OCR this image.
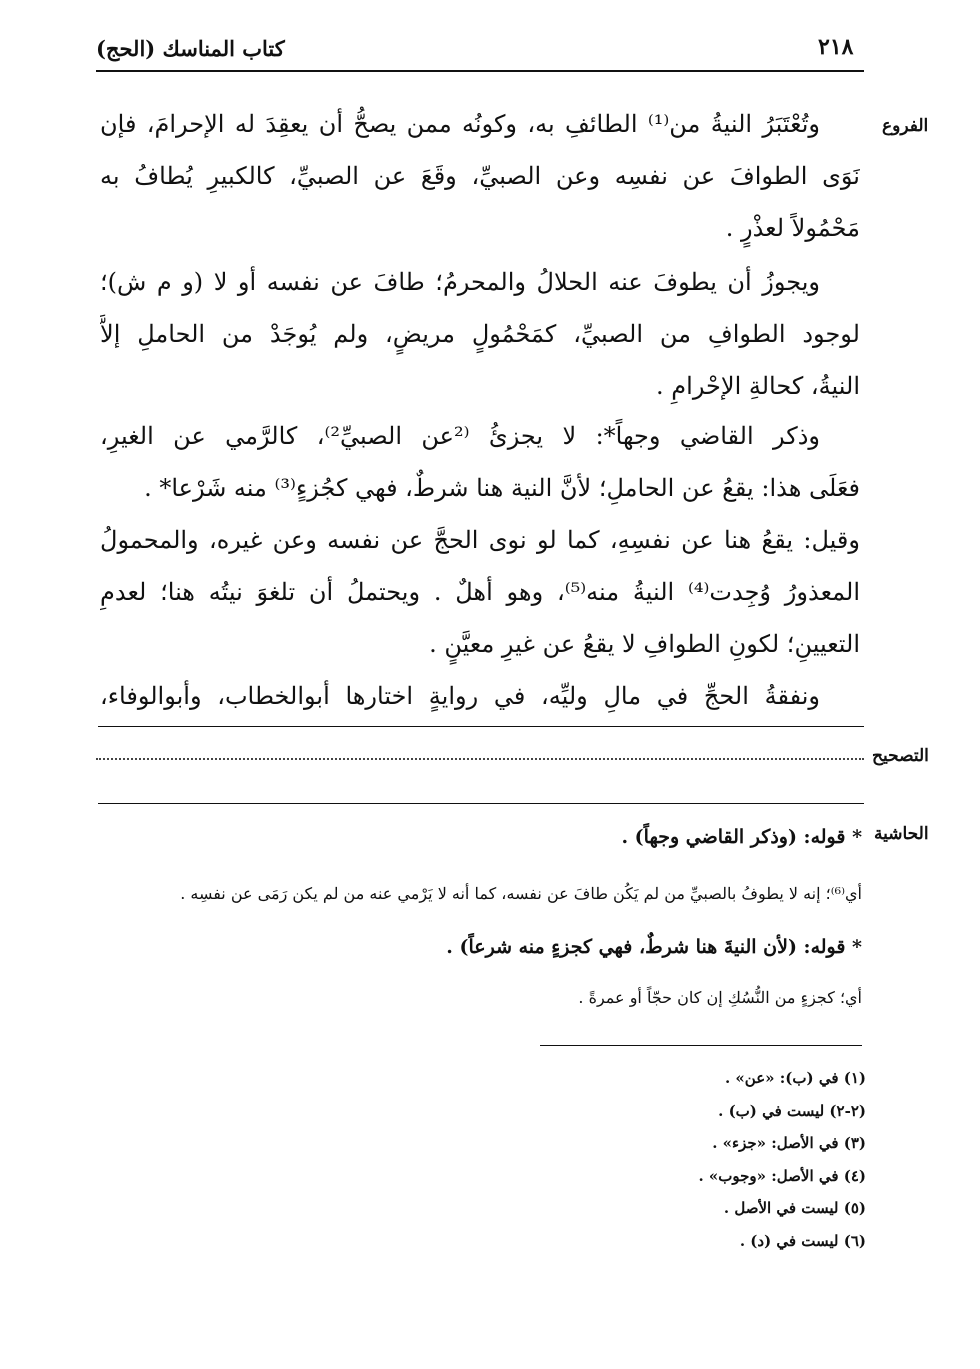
٢١٨
كتاب المناسك (الحج)
الفروع
التصحيح
الحاشية
وتُعْتَبَرُ النيةُ من⁽¹⁾ الطائفِ به، وكونُه ممن يصحُّ أن يعقِدَ له الإحرامَ، فإن
نَوَى الطوافَ عن نفسِه وعن الصبيِّ، وقَعَ عن الصبيِّ، كالكبيرِ يُطافُ به
مَحْمُولاً لعذْرٍ .
ويجوزُ أن يطوفَ عنه الحلالُ والمحرمُ؛ طافَ عن نفسه أو لا (و م ش)؛
لوجود الطوافِ من الصبيِّ، كمَحْمُولٍ مريضٍ، ولم يُوجَدْ من الحاملِ إلاَّ
النيةُ، كحالةِ الإحْرامِ .
وذكر القاضي وجهاً*: لا يجزئُ ⁽²عن الصبيِّ²⁾، كالرَّمي عن الغيرِ،
فعَلَى هذا: يقعُ عن الحاملِ؛ لأنَّ النية هنا شرطٌ، فهي كجُزءٍ⁽³⁾ منه شَرْعا* .
وقيل: يقعُ هنا عن نفسِهِ، كما لو نوى الحجَّ عن نفسه وعن غيره، والمحمولُ
المعذورُ وُجِدت⁽⁴⁾ النيةُ منه⁽⁵⁾، وهو أهلٌ . ويحتملُ أن تلغوَ نيتُه هنا؛ لعدمِ
التعيينِ؛ لكونِ الطوافِ لا يقعُ عن غيرِ معيَّنٍ .
ونفقةُ الحجِّ في مالِ وليِّه، في روايةٍ اختارها أبوالخطاب، وأبوالوفاء،
* قوله: (وذكر القاضي وجهاً) .
أي⁽⁶⁾؛ إنه لا يطوفُ بالصبيِّ من لم يَكُن طافَ عن نفسه، كما أنه لا يَرْمي عنه من لم يكن رَمَى عن نفسِه .
* قوله: (لأن النيةَ هنا شرطٌ، فهي كجزءٍ منه شرعاً) .
أي؛ كجزءٍ من النُّسُكِ إن كان حجّاً أو عمرةً .
(١) في (ب): «عن» .
(٢-٢) ليست في (ب) .
(٣) في الأصل: «جزء» .
(٤) في الأصل: «وجوب» .
(٥) ليست في الأصل .
(٦) ليست في (د) .
